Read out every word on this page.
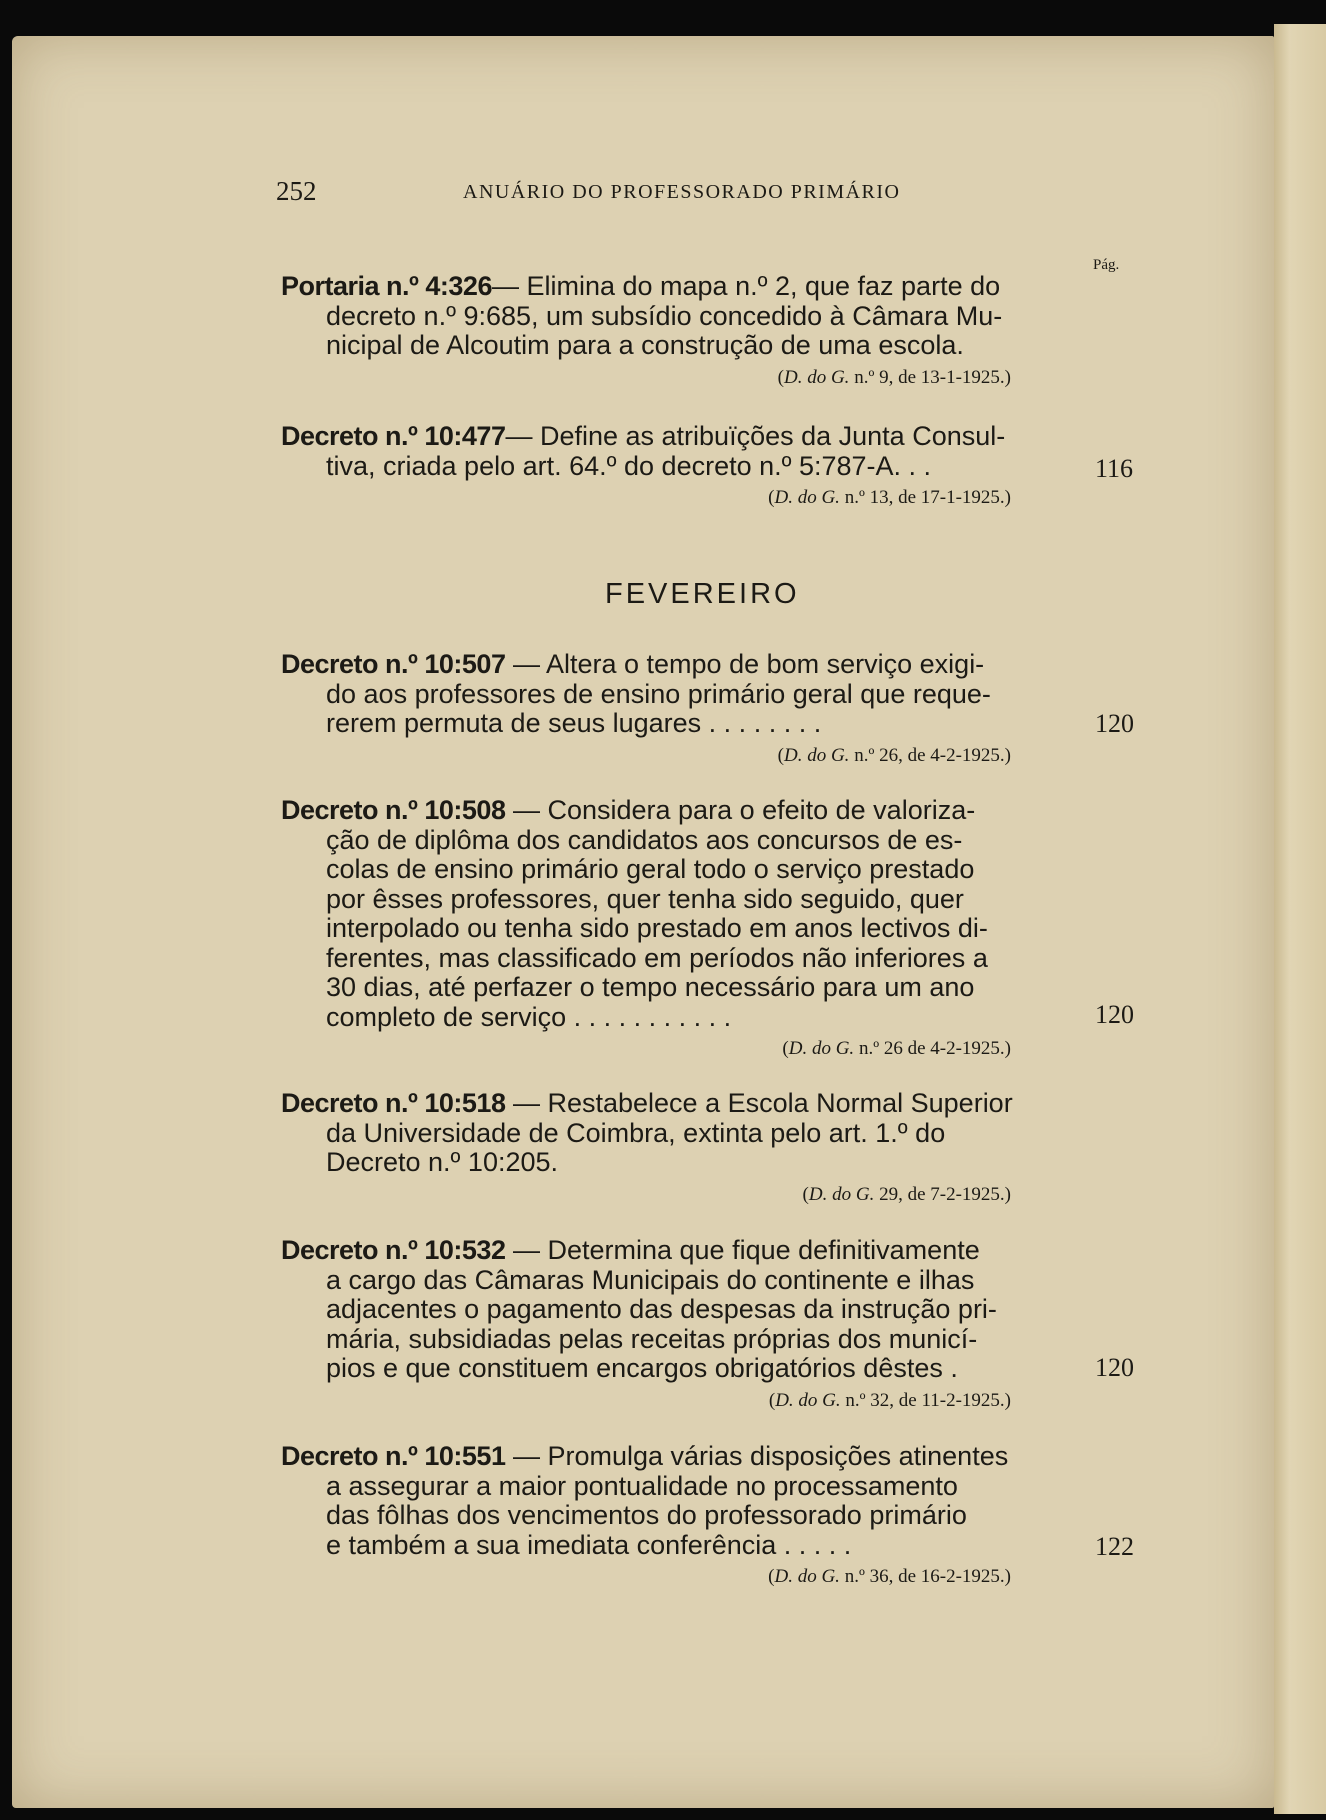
252	ANUÁRIO DO PROFESSORADO PRIMÁRIO
Pág.
Portaria n.º 4:326— Elimina do mapa n.º 2, que faz parte do
decreto n.º 9:685, um subsídio concedido à Câmara Mu-
nicipal de Alcoutim para a construção de uma escola.
(D. do G. n.º 9, de 13-1-1925.)
Decreto n.º 10:477— Define as atribuïções da Junta Consul-
tiva, criada pelo art. 64.º do decreto n.º 5:787-A. . .
(D. do G. n.º 13, de 17-1-1925.)
116
FEVEREIRO
Decreto n.º 10:507 — Altera o tempo de bom serviço exigi-
do aos professores de ensino primário geral que reque-
rerem permuta de seus lugares . . . . . . . .
(D. do G. n.º 26, de 4-2-1925.)
120
Decreto n.º 10:508 — Considera para o efeito de valoriza-
ção de diplôma dos candidatos aos concursos de es-
colas de ensino primário geral todo o serviço prestado
por êsses professores, quer tenha sido seguido, quer
interpolado ou tenha sido prestado em anos lectivos di-
ferentes, mas classificado em períodos não inferiores a
30 dias, até perfazer o tempo necessário para um ano
completo de serviço . . . . . . . . . . .
(D. do G. n.º 26 de 4-2-1925.)
120
Decreto n.º 10:518 — Restabelece a Escola Normal Superior
da Universidade de Coimbra, extinta pelo art. 1.º do
Decreto n.º 10:205.
(D. do G. 29, de 7-2-1925.)
Decreto n.º 10:532 — Determina que fique definitivamente
a cargo das Câmaras Municipais do continente e ilhas
adjacentes o pagamento das despesas da instrução pri-
mária, subsidiadas pelas receitas próprias dos municí-
pios e que constituem encargos obrigatórios dêstes .
(D. do G. n.º 32, de 11-2-1925.)
120
Decreto n.º 10:551 — Promulga várias disposições atinentes
a assegurar a maior pontualidade no processamento
das fôlhas dos vencimentos do professorado primário
e também a sua imediata conferência . . . . .
(D. do G. n.º 36, de 16-2-1925.)
122
